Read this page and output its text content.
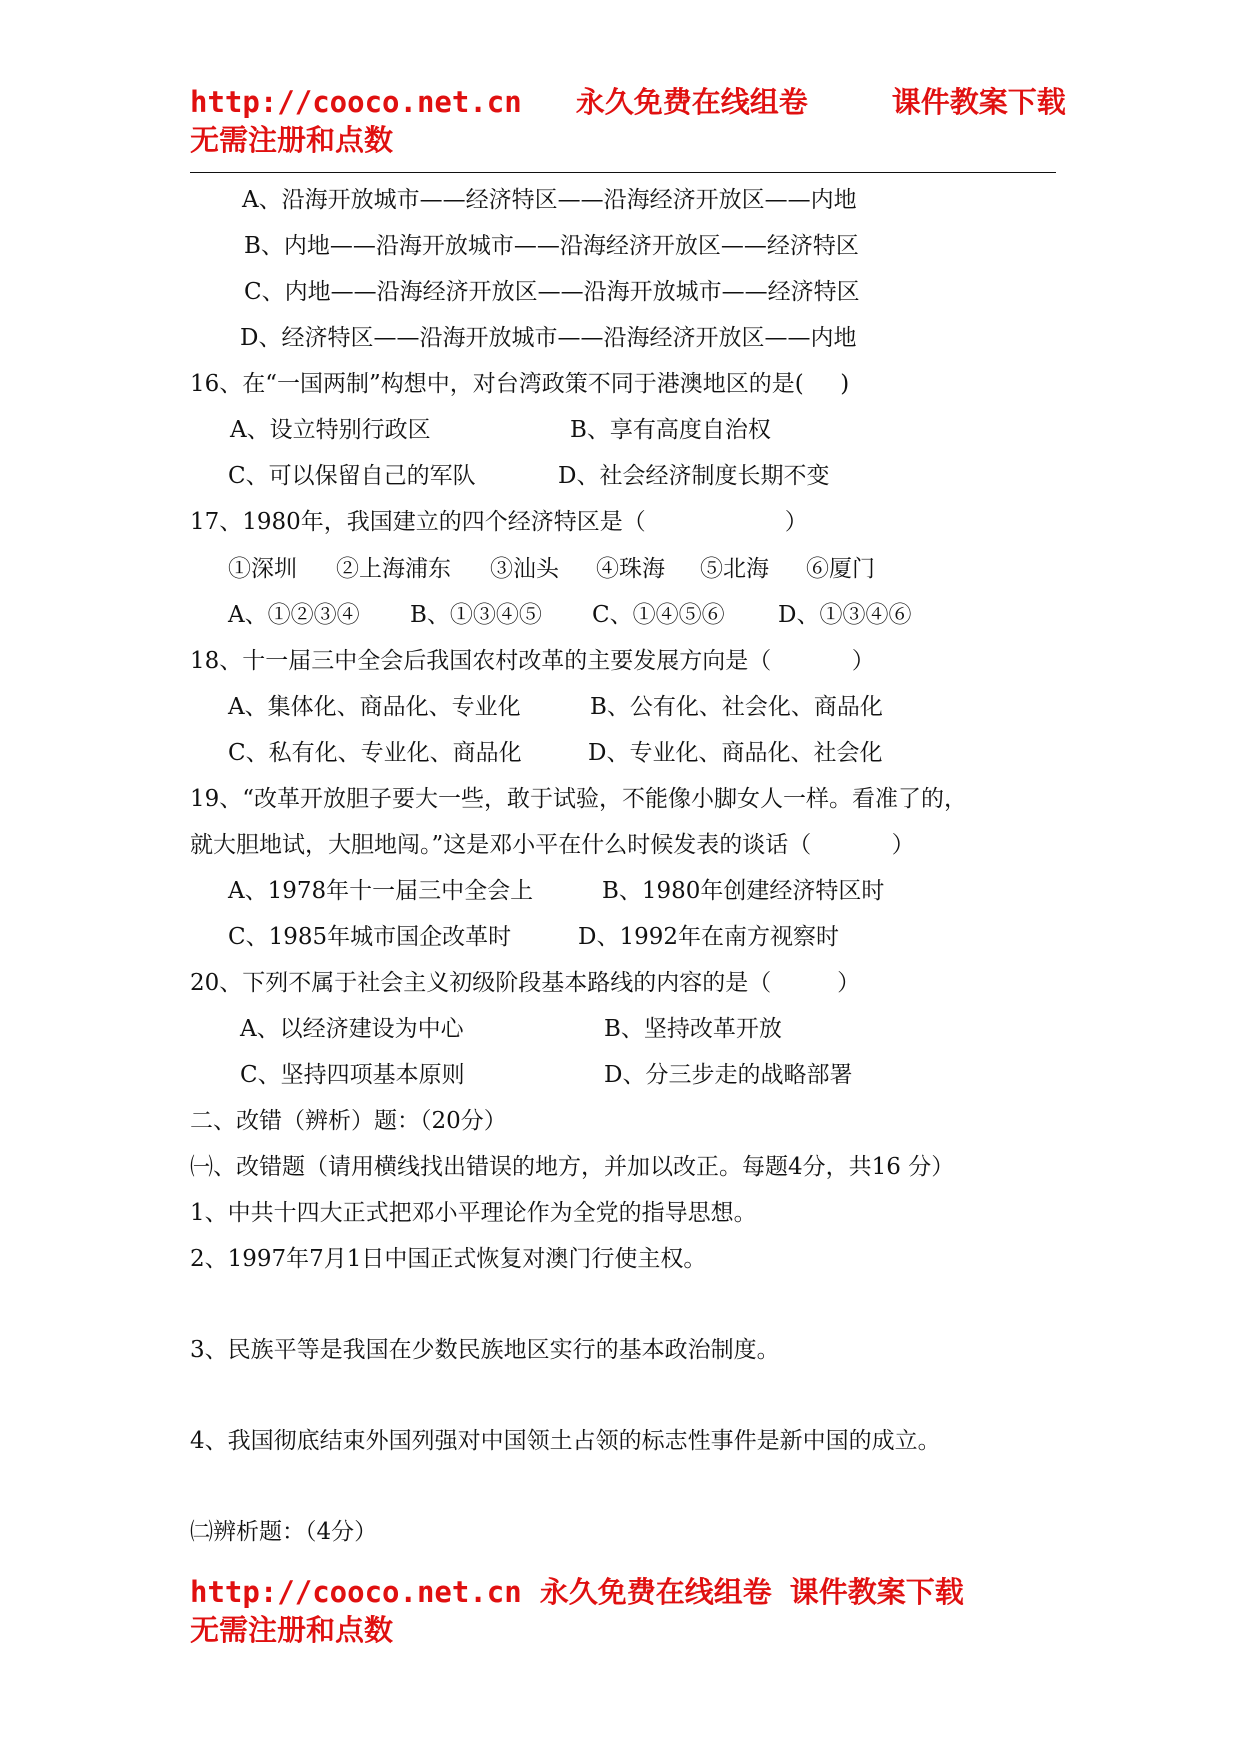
http://cooco.net.cn 永久免费在线组卷	课件教案下载
无需注册和点数
A、沿海开放城市——经济特区——沿海经济开放区——内地
B、内地——沿海开放城市——沿海经济开放区——经济特区
C、内地——沿海经济开放区——沿海开放城市——经济特区
D、经济特区——沿海开放城市——沿海经济开放区——内地
16、在“一国两制”构想中，对台湾政策不同于港澳地区的是(     )
A、设立特别行政区	B、享有高度自治权
C、可以保留自己的军队	D、社会经济制度长期不变
17、1980年，我国建立的四个经济特区是（                   ）
①深圳 ②上海浦东 ③汕头 ④珠海 ⑤北海 ⑥厦门
A、①②③④ B、①③④⑤ C、①④⑤⑥ D、①③④⑥
18、十一届三中全会后我国农村改革的主要发展方向是（           ）
A、集体化、商品化、专业化	B、公有化、社会化、商品化
C、私有化、专业化、商品化	D、专业化、商品化、社会化
19、“改革开放胆子要大一些，敢于试验，不能像小脚女人一样。看准了的，
就大胆地试，大胆地闯。”这是邓小平在什么时候发表的谈话（           ）
A、1978年十一届三中全会上	B、1980年创建经济特区时
C、1985年城市国企改革时	D、1992年在南方视察时
20、下列不属于社会主义初级阶段基本路线的内容的是（         ）
A、以经济建设为中心	B、坚持改革开放
C、坚持四项基本原则	D、分三步走的战略部署
二、改错（辨析）题：（20分）
㈠、改错题（请用横线找出错误的地方，并加以改正。每题4分，共16 分）
1、中共十四大正式把邓小平理论作为全党的指导思想。
2、1997年7月1日中国正式恢复对澳门行使主权。
3、民族平等是我国在少数民族地区实行的基本政治制度。
4、我国彻底结束外国列强对中国领土占领的标志性事件是新中国的成立。
㈡辨析题：（4分）
http://cooco.net.cn 永久免费在线组卷 课件教案下载
无需注册和点数
